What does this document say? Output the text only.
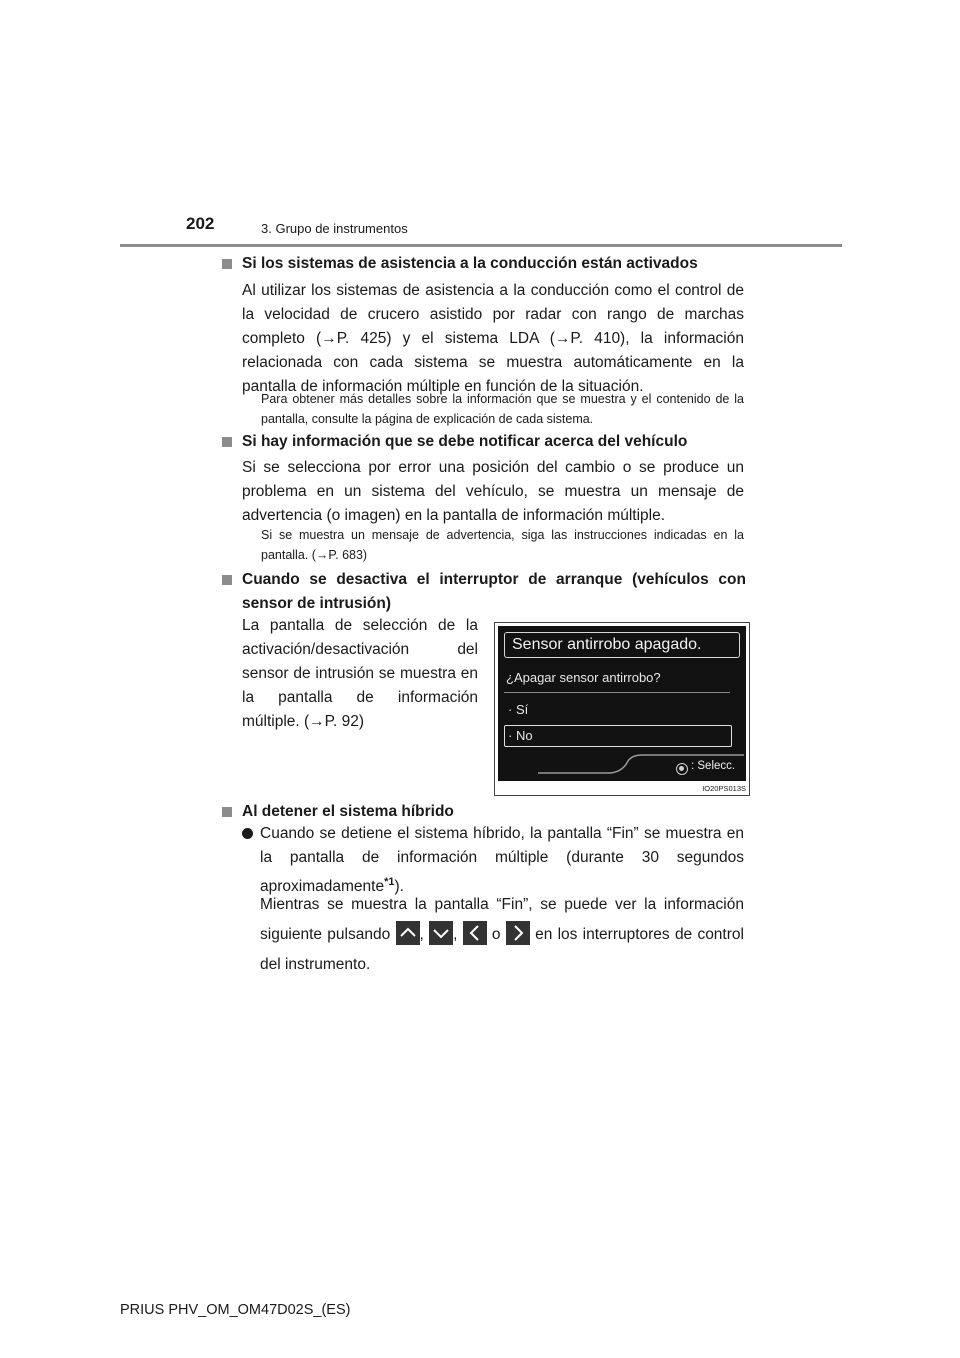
202	3. Grupo de instrumentos
Si los sistemas de asistencia a la conducción están activados
Al utilizar los sistemas de asistencia a la conducción como el control de la velocidad de crucero asistido por radar con rango de marchas completo (→P. 425) y el sistema LDA (→P. 410), la información relacionada con cada sistema se muestra automáticamente en la pantalla de información múltiple en función de la situación.
Para obtener más detalles sobre la información que se muestra y el contenido de la pantalla, consulte la página de explicación de cada sistema.
Si hay información que se debe notificar acerca del vehículo
Si se selecciona por error una posición del cambio o se produce un problema en un sistema del vehículo, se muestra un mensaje de advertencia (o imagen) en la pantalla de información múltiple.
Si se muestra un mensaje de advertencia, siga las instrucciones indicadas en la pantalla. (→P. 683)
Cuando se desactiva el interruptor de arranque (vehículos con sensor de intrusión)
La pantalla de selección de la activación/desactivación del sensor de intrusión se muestra en la pantalla de información múltiple. (→P. 92)
Sensor antirrobo apagado.
¿Apagar sensor antirrobo?
· Sí
· No
: Selecc.
IO20PS013S
Al detener el sistema híbrido
Cuando se detiene el sistema híbrido, la pantalla “Fin” se muestra en la pantalla de información múltiple (durante 30 segundos aproximadamente$^{*1}$).
Mientras se muestra la pantalla “Fin”, se puede ver la información siguiente pulsando , , o en los interruptores de control del instrumento.
PRIUS PHV_OM_OM47D02S_(ES)
